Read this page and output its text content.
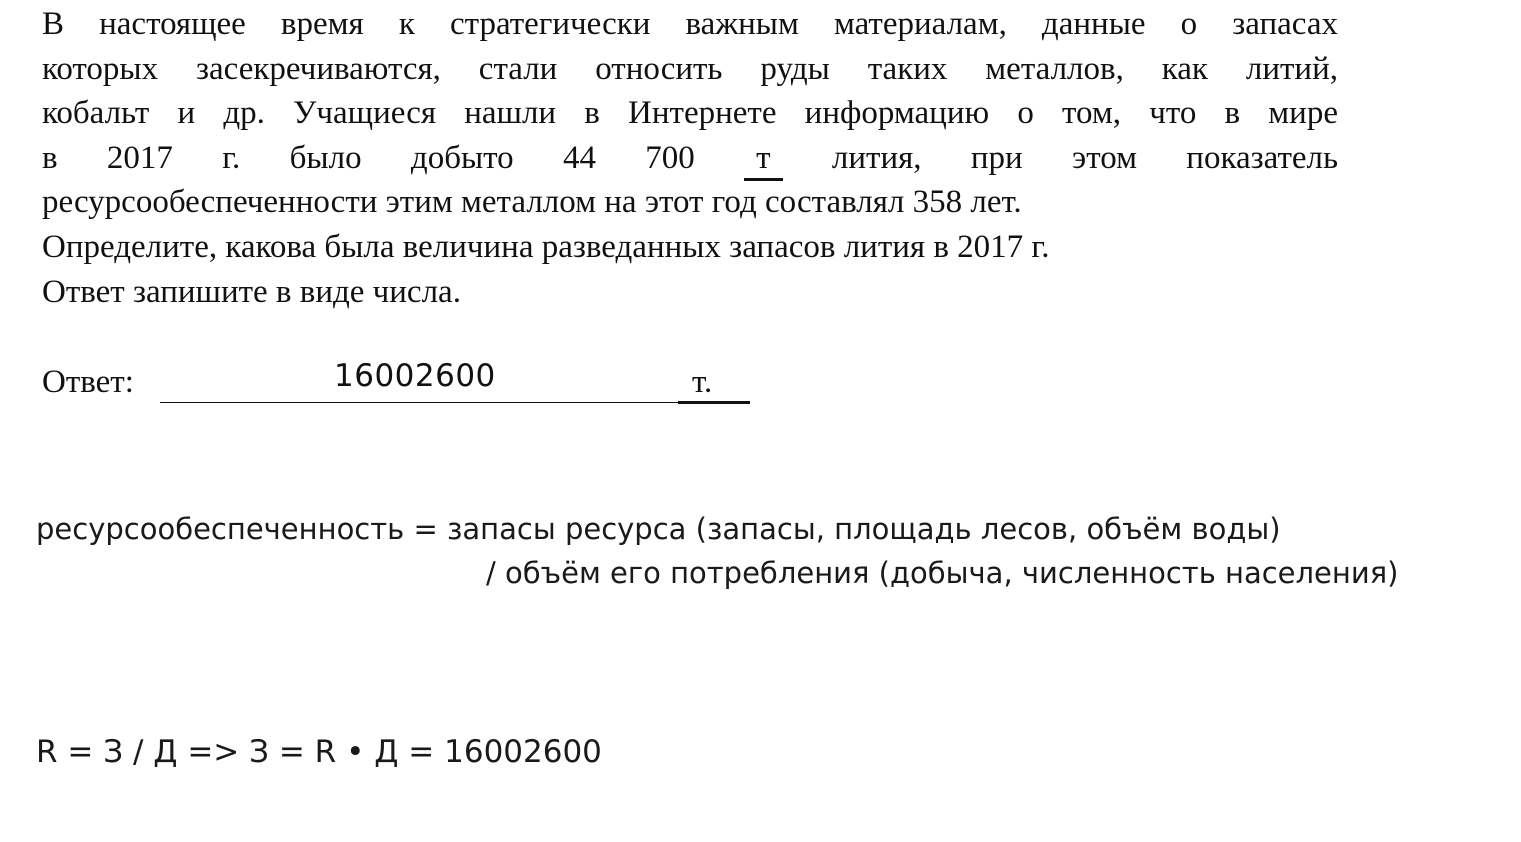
В настоящее время к стратегически важным материалам, данные о запасах
которых засекречиваются, стали относить руды таких металлов, как литий,
кобальт и др. Учащиеся нашли в Интернете информацию о том, что в мире
в 2017 г. было добыто 44 700 т лития, при этом показатель
ресурсообеспеченности этим металлом на этот год составлял 358 лет.
Определите, какова была величина разведанных запасов лития в 2017 г.
Ответ запишите в виде числа.
Ответ:	16002600	т.
ресурсообеспеченность = запасы ресурса (запасы, площадь лесов, объём воды)
/ объём его потребления (добыча, численность населения)
R = З / Д => З = R • Д = 16002600
